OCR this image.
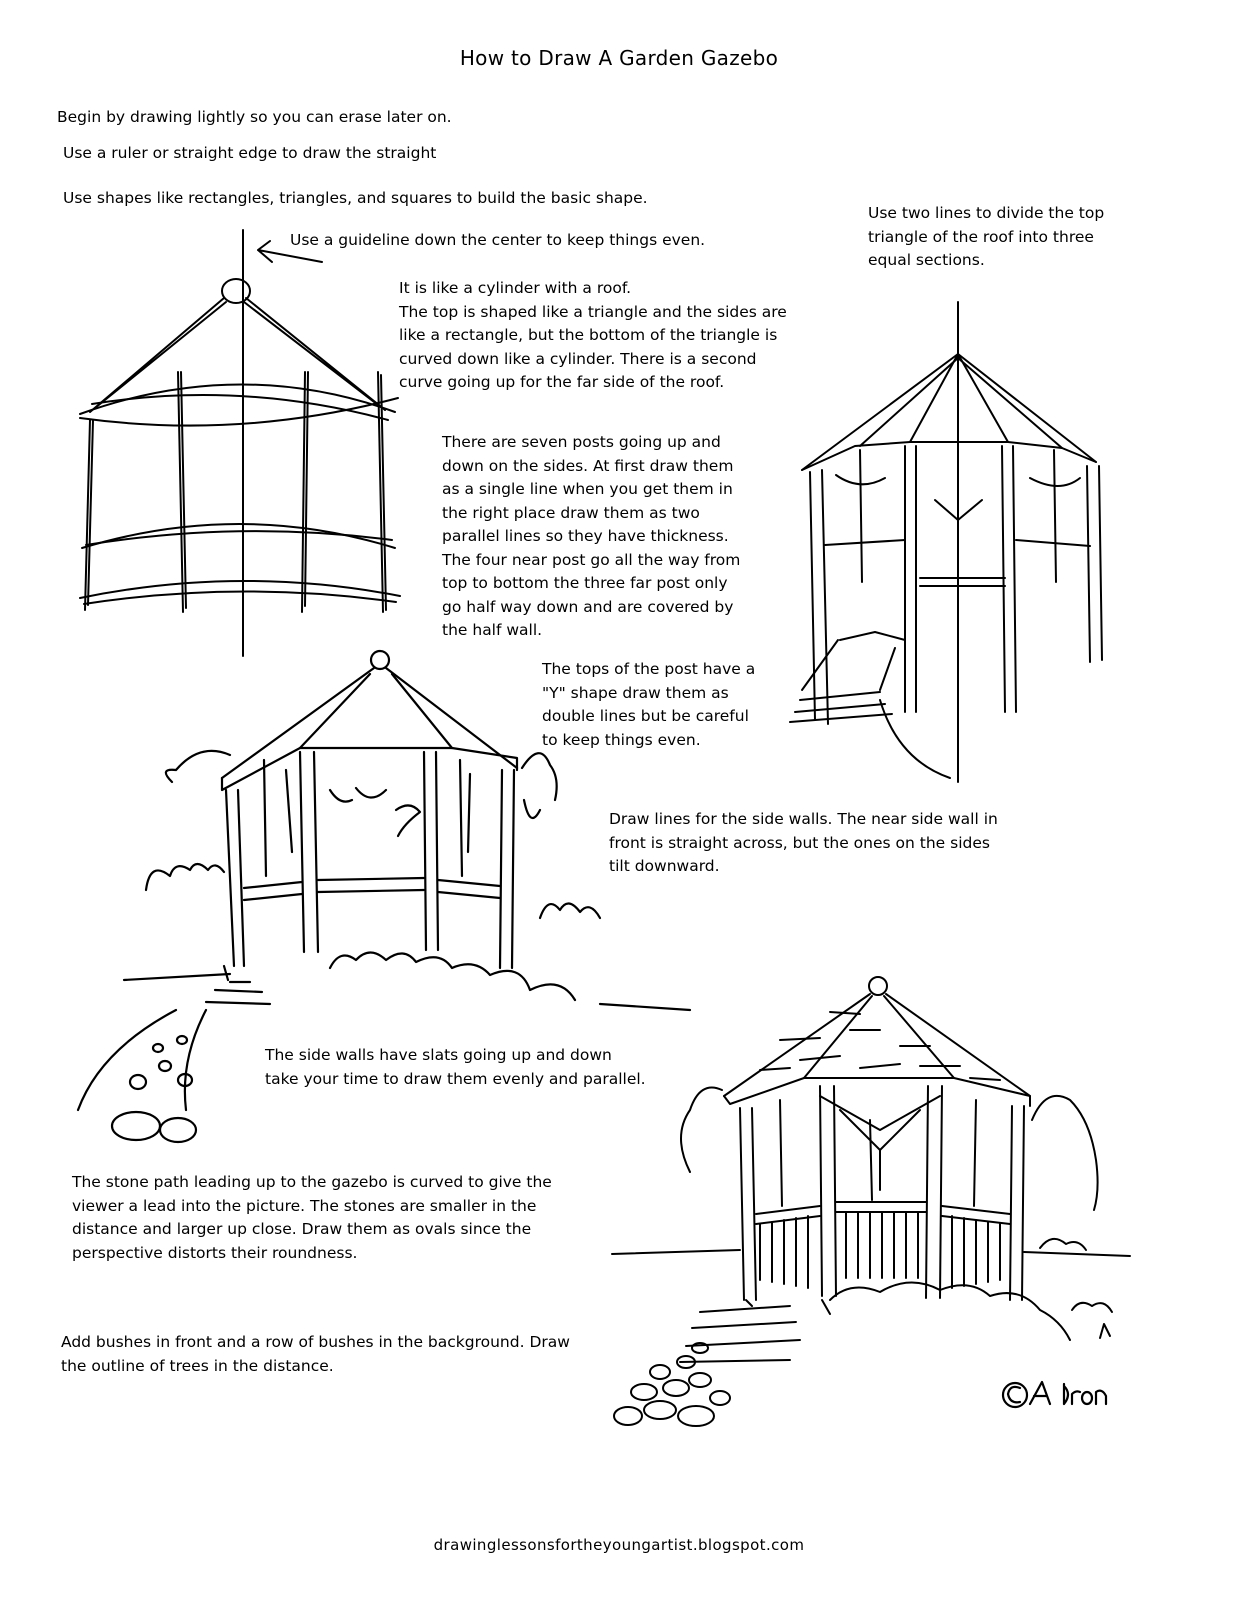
How to Draw A Garden Gazebo
Begin by drawing lightly so you can erase later on.
Use a ruler or straight edge to draw the straight
Use shapes like rectangles, triangles, and squares to build the basic shape.
Use a guideline down the center to keep things even.
It is like a cylinder with a roof.
The top is shaped like a triangle and the sides are
like a rectangle, but the bottom of the triangle is
curved down like a cylinder. There is a second
curve going up for the far side of the roof.
Use two lines to divide the top
triangle of the roof into three
equal sections.
There are seven posts going up and
down on the sides. At first draw them
as a single line when you get them in
the right place draw them as two
parallel lines so they have thickness.
The four near post go all the way from
top to bottom the three far post only
go half way down and are covered by
the half wall.
The tops of the post have a
"Y" shape draw them as
double lines but be careful
to keep things even.
Draw lines for the side walls. The near side wall in
front is straight across, but the ones on the sides
tilt downward.
The side walls have slats going up and down
take your time to draw them evenly and parallel.
The stone path leading up to the gazebo is curved to give the
viewer a lead into the picture. The stones are smaller in the
distance and larger up close. Draw them as ovals since the
perspective distorts their roundness.
Add bushes in front and a row of bushes in the background. Draw
the outline of trees in the distance.
drawinglessonsfortheyoungartist.blogspot.com
